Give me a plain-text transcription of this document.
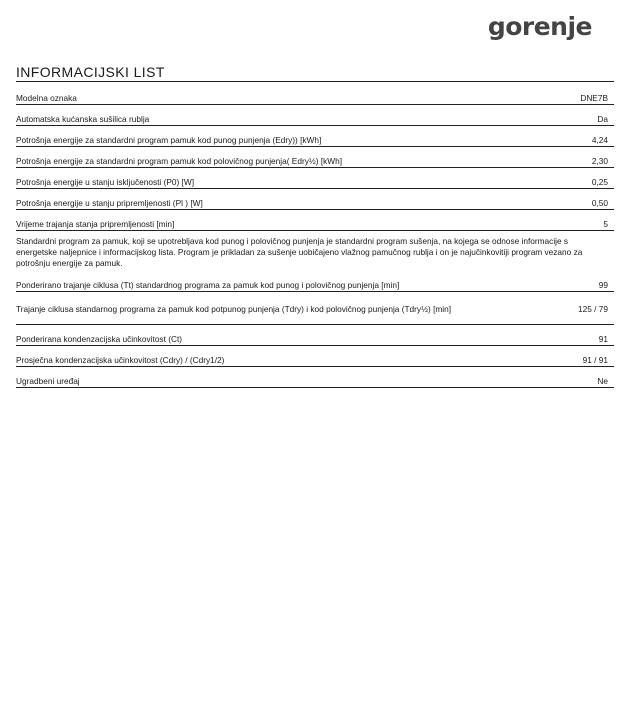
gorenje
INFORMACIJSKI LIST
Modelna oznaka	DNE7B
Automatska kućanska sušilica rublja	Da
Potrošnja energije za standardni program pamuk kod punog punjenja (Edry)) [kWh]	4,24
Potrošnja energije za standardni program pamuk kod polovičnog punjenja( Edry½) [kWh]	2,30
Potrošnja energije u stanju isključenosti (P0) [W]	0,25
Potrošnja energije u stanju pripremljenosti (Pl ) [W]	0,50
Vrijeme trajanja stanja pripremljenosti [min]	5
Standardni program za pamuk, koji se upotrebljava kod punog i polovičnog punjenja je standardni program sušenja, na kojega se odnose informacije s energetske naljepnice i informacijskog lista. Program je prikladan za sušenje uobičajeno vlažnog pamučnog rublja i on je najučinkovitiji program vezano za potrošnju energije za pamuk.
Ponderirano trajanje ciklusa (Tt) standardnog programa za pamuk kod punog i polovičnog punjenja [min]	99
Trajanje ciklusa standarnog programa za pamuk kod potpunog punjenja (Tdry) i kod polovičnog punjenja (Tdry½) [min]	125 / 79
Ponderirana kondenzacijska učinkovitost (Ct)	91
Prosječna kondenzacijska učinkovitost (Cdry) / (Cdry1/2)	91 / 91
Ugradbeni uređaj	Ne
